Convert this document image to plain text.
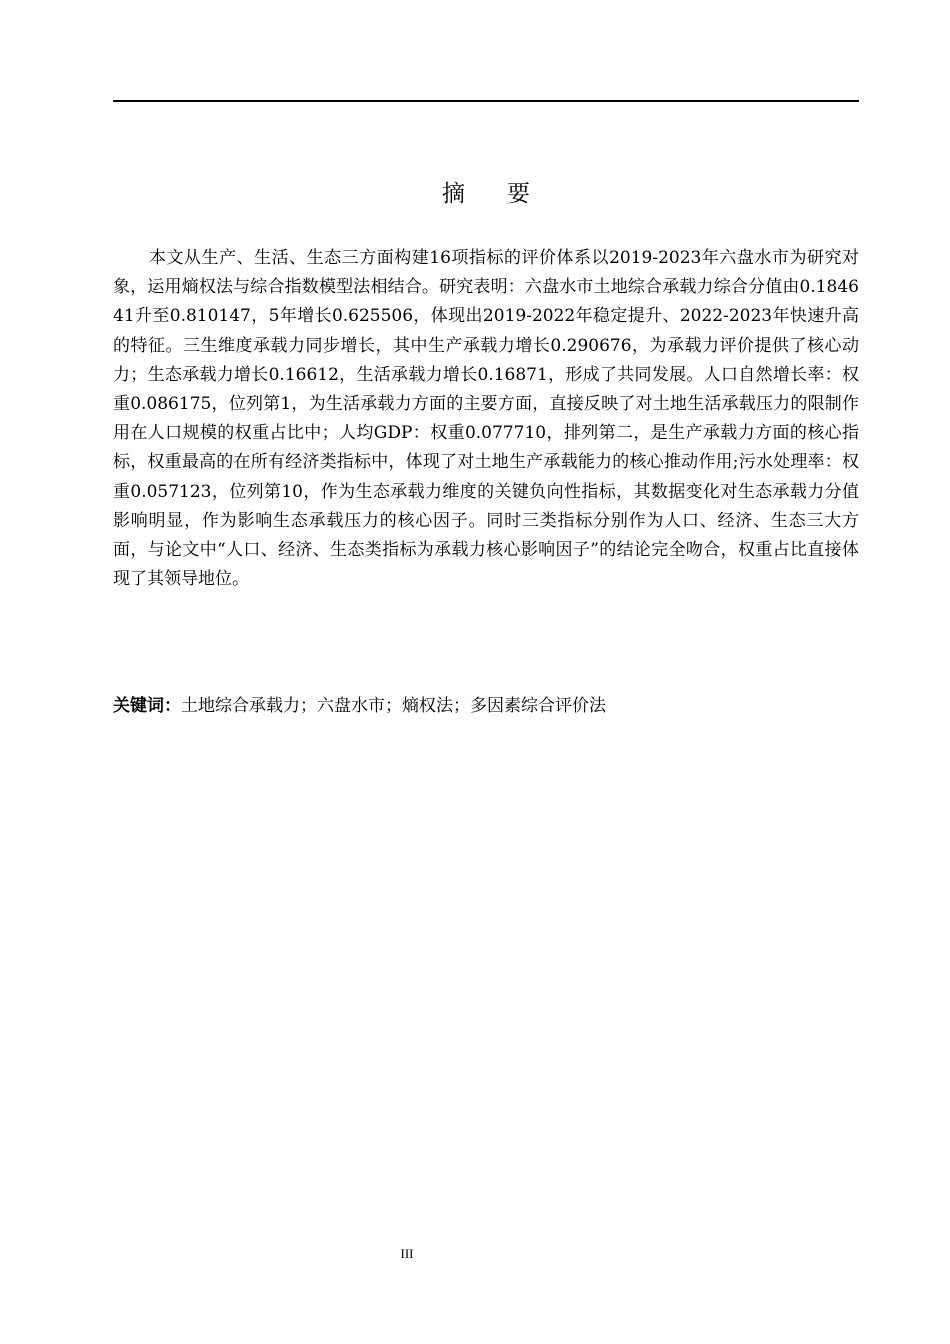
摘要

本文从生产、生活、生态三方面构建16项指标的评价体系以2019-2023年六盘水市为研究对象，运用熵权法与综合指数模型法相结合。研究表明：六盘水市土地综合承载力综合分值由0.184641升至0.810147，5年增长0.625506，体现出2019-2022年稳定提升、2022-2023年快速升高的特征。三生维度承载力同步增长，其中生产承载力增长0.290676，为承载力评价提供了核心动力；生态承载力增长0.16612，生活承载力增长0.16871，形成了共同发展。人口自然增长率：权重0.086175，位列第1，为生活承载力方面的主要方面，直接反映了对土地生活承载压力的限制作用在人口规模的权重占比中；人均GDP：权重0.077710，排列第二，是生产承载力方面的核心指标，权重最高的在所有经济类指标中，体现了对土地生产承载能力的核心推动作用;污水处理率：权重0.057123，位列第10，作为生态承载力维度的关键负向性指标，其数据变化对生态承载力分值影响明显，作为影响生态承载压力的核心因子。同时三类指标分别作为人口、经济、生态三大方面，与论文中“人口、经济、生态类指标为承载力核心影响因子”的结论完全吻合，权重占比直接体现了其领导地位。

关键词：土地综合承载力；六盘水市；熵权法；多因素综合评价法

III
